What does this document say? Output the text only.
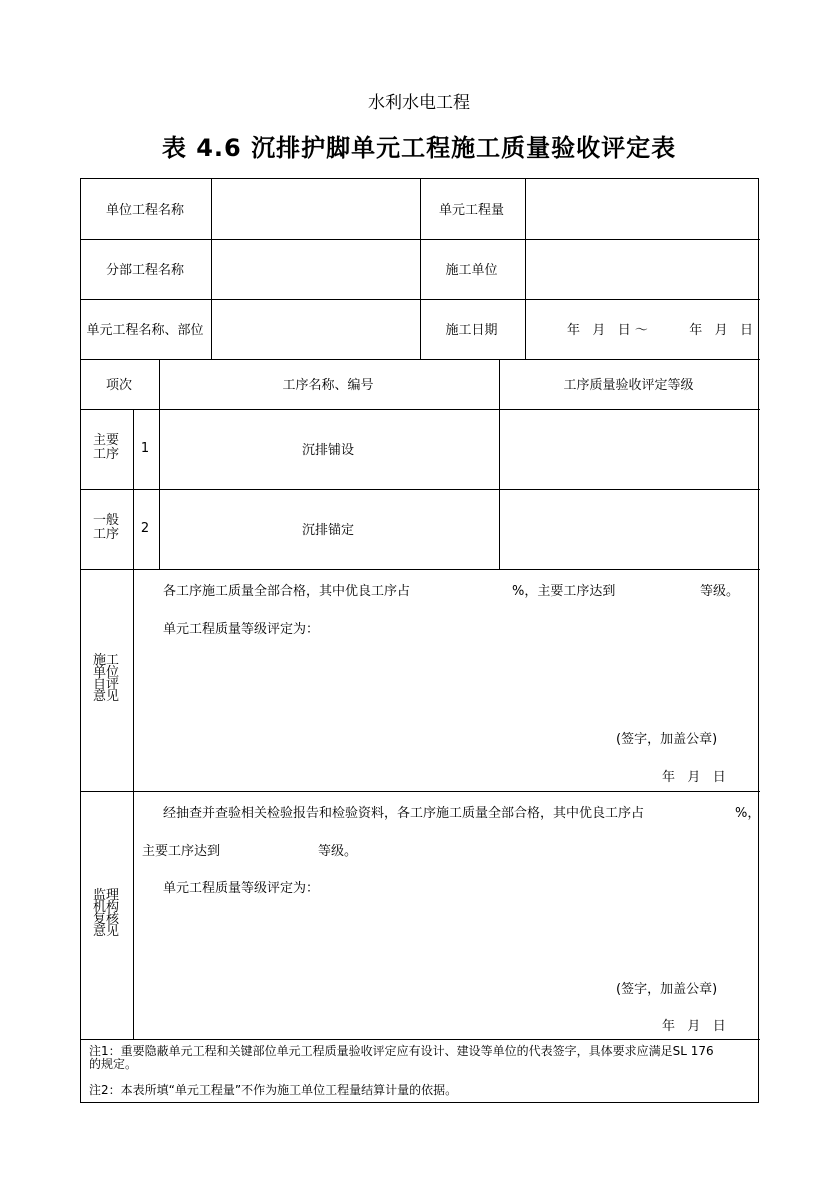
水利水电工程
表 4.6 沉排护脚单元工程施工质量验收评定表
单位工程名称	单元工程量
分部工程名称	施工单位
单元工程名称、部位	施工日期	年   月   日 ～          年   月   日
项次	工序名称、编号	工序质量验收评定等级
主要
工序	1	沉排铺设
一般
工序	2	沉排锚定
施工
单位
自评
意见
各工序施工质量全部合格，其中优良工序占	%，主要工序达到	等级。
单元工程质量等级评定为：
(签字，加盖公章)
年   月   日
监理
机构
复核
意见
经抽查并查验相关检验报告和检验资料，各工序施工质量全部合格，其中优良工序占	%，
主要工序达到	等级。
单元工程质量等级评定为：
(签字，加盖公章)
年   月   日
注1：重要隐蔽单元工程和关键部位单元工程质量验收评定应有设计、建设等单位的代表签字，具体要求应满足SL 176的规定。
注2：本表所填“单元工程量”不作为施工单位工程量结算计量的依据。
